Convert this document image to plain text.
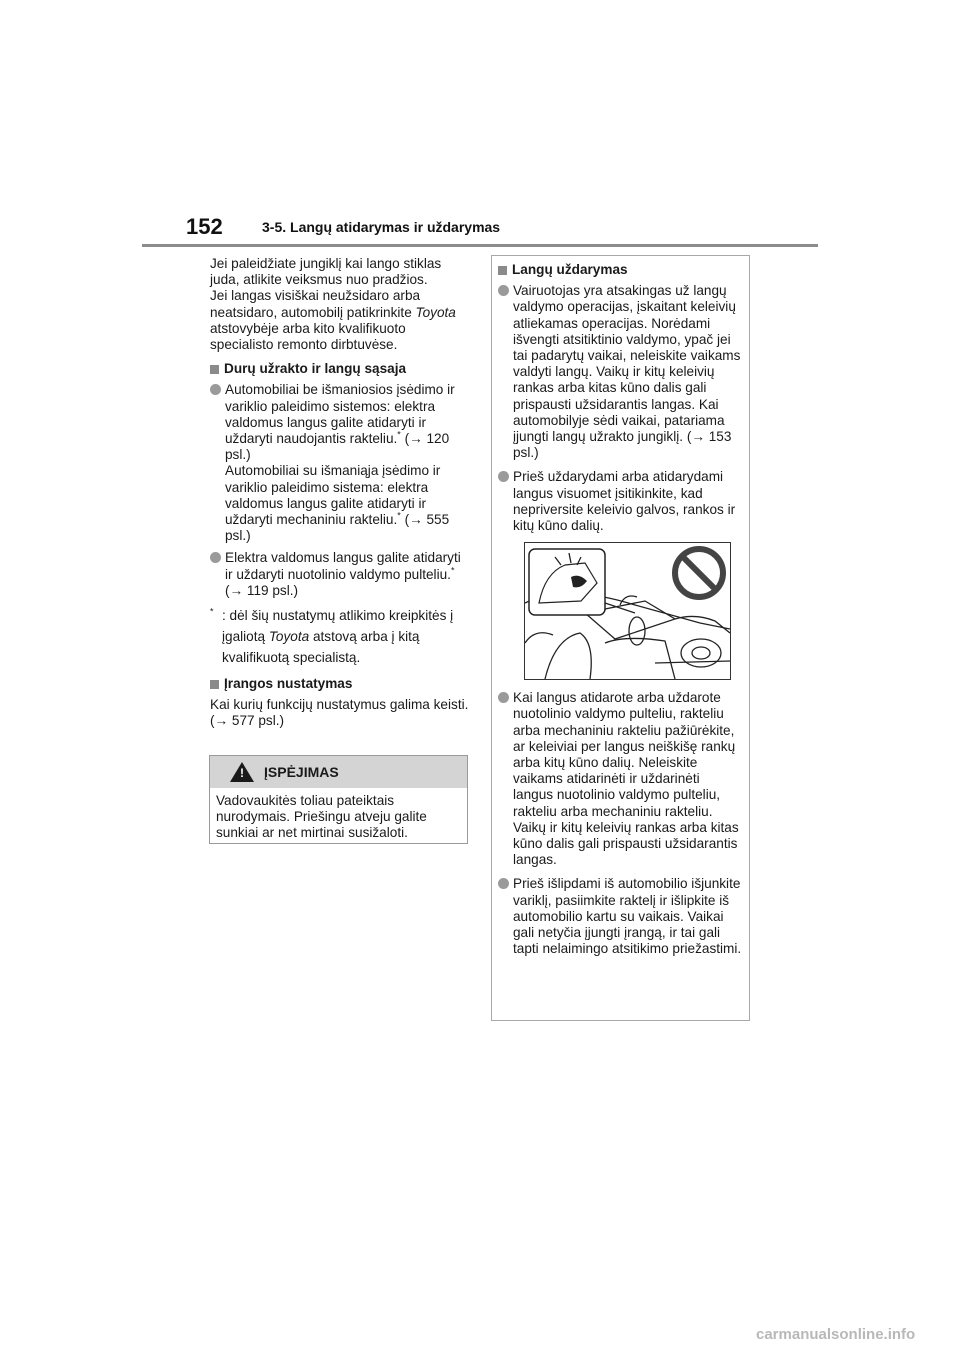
152	3-5. Langų atidarymas ir uždarymas

Jei paleidžiate jungiklį kai lango stiklas juda, atlikite veiksmus nuo pradžios.
Jei langas visiškai neužsidaro arba neatsidaro, automobilį patikrinkite Toyota atstovybėje arba kito kvalifikuoto specialisto remonto dirbtuvėse.

Durų užrakto ir langų sąsaja
Automobiliai be išmaniosios įsėdimo ir variklio paleidimo sistemos: elektra valdomus langus galite atidaryti ir uždaryti naudojantis rakteliu.* (→ 120 psl.)
Automobiliai su išmaniąja įsėdimo ir variklio paleidimo sistema: elektra valdomus langus galite atidaryti ir uždaryti mechaniniu rakteliu.* (→ 555 psl.)
Elektra valdomus langus galite atidaryti ir uždaryti nuotolinio valdymo pulteliu.* (→ 119 psl.)
* : dėl šių nustatymų atlikimo kreipkitės į įgaliotą Toyota atstovą arba į kitą kvalifikuotą specialistą.
Įrangos nustatymas

Kai kurių funkcijų nustatymus galima keisti. (→ 577 psl.)

! ĮSPĖJIMAS
Vadovaukitės toliau pateiktais nurodymais. Priešingu atveju galite sunkiai ar net mirtinai susižaloti.
Langų uždarymas
Vairuotojas yra atsakingas už langų valdymo operacijas, įskaitant keleivių atliekamas operacijas. Norėdami išvengti atsitiktinio valdymo, ypač jei tai padarytų vaikai, neleiskite vaikams valdyti langų. Vaikų ir kitų keleivių rankas arba kitas kūno dalis gali prispausti užsidarantis langas. Kai automobilyje sėdi vaikai, patariama įjungti langų užrakto jungiklį. (→ 153 psl.)
Prieš uždarydami arba atidarydami langus visuomet įsitikinkite, kad nepriversite keleivio galvos, rankos ir kitų kūno dalių.
Kai langus atidarote arba uždarote nuotolinio valdymo pulteliu, rakteliu arba mechaniniu rakteliu pažiūrėkite, ar keleiviai per langus neiškišę rankų arba kitų kūno dalių. Neleiskite vaikams atidarinėti ir uždarinėti langus nuotolinio valdymo pulteliu, rakteliu arba mechaniniu rakteliu. Vaikų ir kitų keleivių rankas arba kitas kūno dalis gali prispausti užsidarantis langas.
Prieš išlipdami iš automobilio išjunkite variklį, pasiimkite raktelį ir išlipkite iš automobilio kartu su vaikais. Vaikai gali netyčia įjungti įrangą, ir tai gali tapti nelaimingo atsitikimo priežastimi.
carmanualsonline.info
